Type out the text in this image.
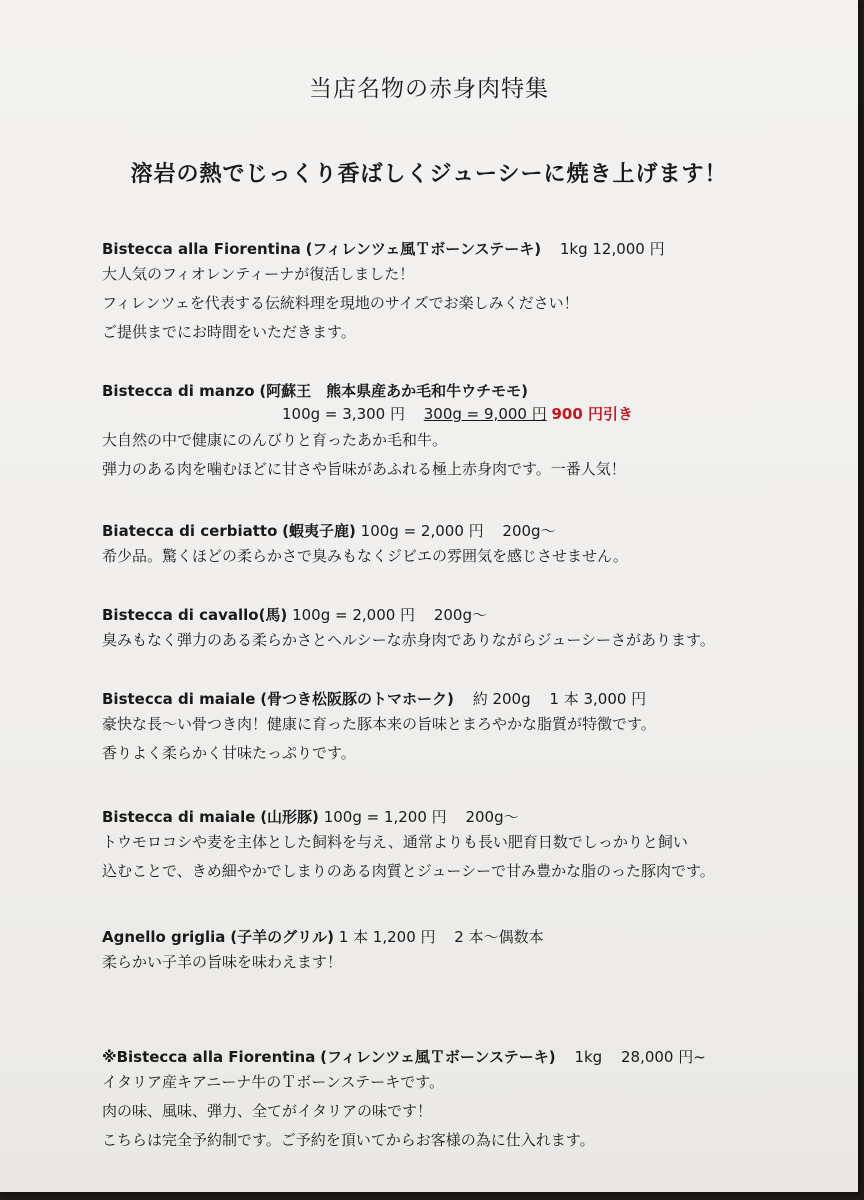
当店名物の赤身肉特集
溶岩の熱でじっくり香ばしくジューシーに焼き上げます！
Bistecca alla Fiorentina (フィレンツェ風Ｔボーンステーキ) 1kg 12,000 円
大人気のフィオレンティーナが復活しました！
フィレンツェを代表する伝統料理を現地のサイズでお楽しみください！
ご提供までにお時間をいただきます。
Bistecca di manzo (阿蘇王　熊本県産あか毛和牛ウチモモ)
100g = 3,300 円 300g = 9,000 円 900 円引き
大自然の中で健康にのんびりと育ったあか毛和牛。
弾力のある肉を噛むほどに甘さや旨味があふれる極上赤身肉です。一番人気！
Biatecca di cerbiatto (蝦夷子鹿) 100g = 2,000 円 200g～
希少品。驚くほどの柔らかさで臭みもなくジビエの雰囲気を感じさせません。
Bistecca di cavallo(馬) 100g = 2,000 円 200g～
臭みもなく弾力のある柔らかさとヘルシーな赤身肉でありながらジューシーさがあります。
Bistecca di maiale (骨つき松阪豚のトマホーク) 約 200g 1 本 3,000 円
豪快な長～い骨つき肉！健康に育った豚本来の旨味とまろやかな脂質が特徴です。
香りよく柔らかく甘味たっぷりです。
Bistecca di maiale (山形豚) 100g = 1,200 円 200g～
トウモロコシや麦を主体とした飼料を与え、通常よりも長い肥育日数でしっかりと飼い
込むことで、きめ細やかでしまりのある肉質とジューシーで甘み豊かな脂のった豚肉です。
Agnello griglia (子羊のグリル) 1 本 1,200 円 2 本～偶数本
柔らかい子羊の旨味を味わえます！
※Bistecca alla Fiorentina (フィレンツェ風Ｔボーンステーキ) 1kg 28,000 円~
イタリア産キアニーナ牛のＴボーンステーキです。
肉の味、風味、弾力、全てがイタリアの味です！
こちらは完全予約制です。ご予約を頂いてからお客様の為に仕入れます。
